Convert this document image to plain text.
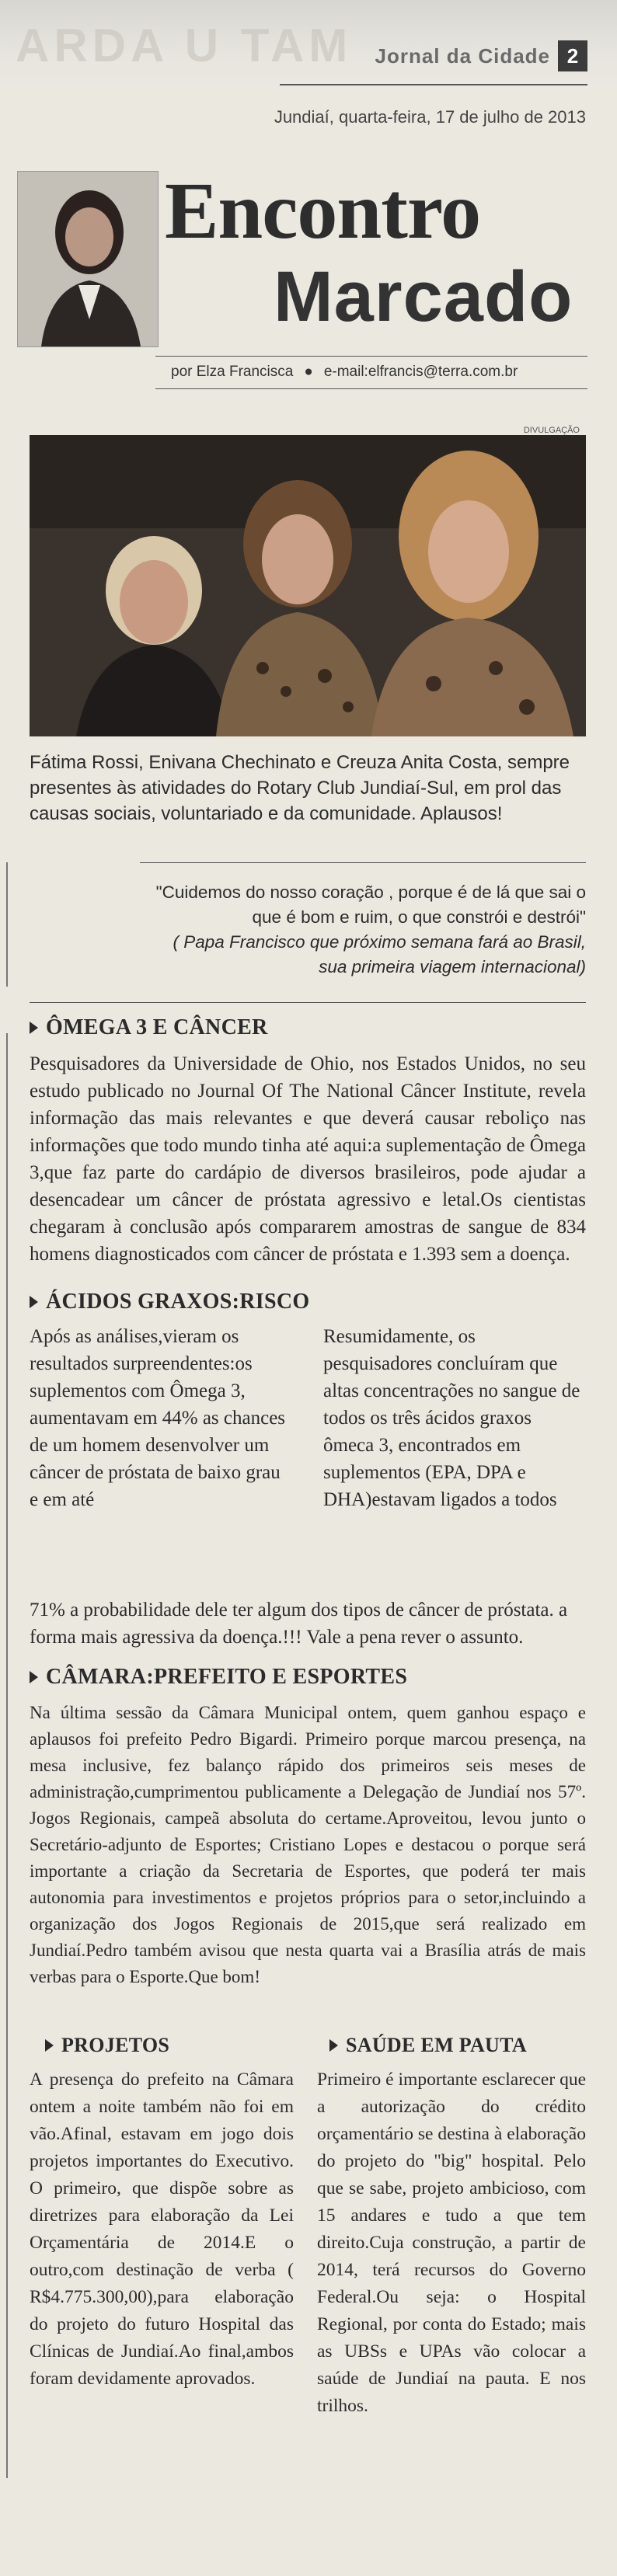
ARDA U TAM Jornal da Cidade 2
Jundiaí, quarta-feira, 17 de julho de 2013
Encontro
Marcado
por Elza Francisca ● e-mail:elfrancis@terra.com.br
DIVULGAÇÃO
Fátima Rossi, Enivana Chechinato e Creuza Anita Costa, sempre presentes às atividades do Rotary Club Jundiaí-Sul, em prol das causas sociais, voluntariado e da comunidade. Aplausos!
"Cuidemos do nosso coração , porque é de lá que sai o que é bom e ruim, o que constrói e destrói"
( Papa Francisco que próximo semana fará ao Brasil, sua primeira viagem internacional)
ÔMEGA 3 E CÂNCER
Pesquisadores da Universidade de Ohio, nos Estados Unidos, no seu estudo publicado no Journal Of The National Câncer Institute, revela informação das mais relevantes e que deverá causar reboliço nas informações que todo mundo tinha até aqui:a suplementação de Ômega 3,que faz parte do cardápio de diversos brasileiros, pode ajudar a desencadear um câncer de próstata agressivo e letal.Os cientistas chegaram à conclusão após compararem amostras de sangue de 834 homens diagnosticados com câncer de próstata e 1.393 sem a doença.
ÁCIDOS GRAXOS:RISCO
Após as análises,vieram os resultados surpreendentes:os suplementos com Ômega 3, aumentavam em 44% as chances de um homem desenvolver um câncer de próstata de baixo grau e em até
Resumidamente, os pesquisadores concluíram que altas concentrações no sangue de todos os três ácidos graxos ômeca 3, encontrados em suplementos (EPA, DPA e DHA)estavam ligados a todos
71% a probabilidade dele ter algum dos tipos de câncer de próstata. a forma mais agressiva da doença.!!! Vale a pena rever o assunto.
CÂMARA:PREFEITO E ESPORTES
Na última sessão da Câmara Municipal ontem, quem ganhou espaço e aplausos foi prefeito Pedro Bigardi. Primeiro porque marcou presença, na mesa inclusive, fez balanço rápido dos primeiros seis meses de administração,cumprimentou publicamente a Delegação de Jundiaí nos 57º. Jogos Regionais, campeã absoluta do certame.Aproveitou, levou junto o Secretário-adjunto de Esportes; Cristiano Lopes e destacou o porque será importante a criação da Secretaria de Esportes, que poderá ter mais autonomia para investimentos e projetos próprios para o setor,incluindo a organização dos Jogos Regionais de 2015,que será realizado em Jundiaí.Pedro também avisou que nesta quarta vai a Brasília atrás de mais verbas para o Esporte.Que bom!
PROJETOS
A presença do prefeito na Câmara ontem a noite também não foi em vão.Afinal, estavam em jogo dois projetos importantes do Executivo. O primeiro, que dispõe sobre as diretrizes para elaboração da Lei Orçamentária de 2014.E o outro,com destinação de verba ( R$4.775.300,00),para elaboração do projeto do futuro Hospital das Clínicas de Jundiaí.Ao final,ambos foram devidamente aprovados.
SAÚDE EM PAUTA
Primeiro é importante esclarecer que a autorização do crédito orçamentário se destina à elaboração do projeto do "big" hospital. Pelo que se sabe, projeto ambicioso, com 15 andares e tudo a que tem direito.Cuja construção, a partir de 2014, terá recursos do Governo Federal.Ou seja: o Hospital Regional, por conta do Estado; mais as UBSs e UPAs vão colocar a saúde de Jundiaí na pauta. E nos trilhos.
